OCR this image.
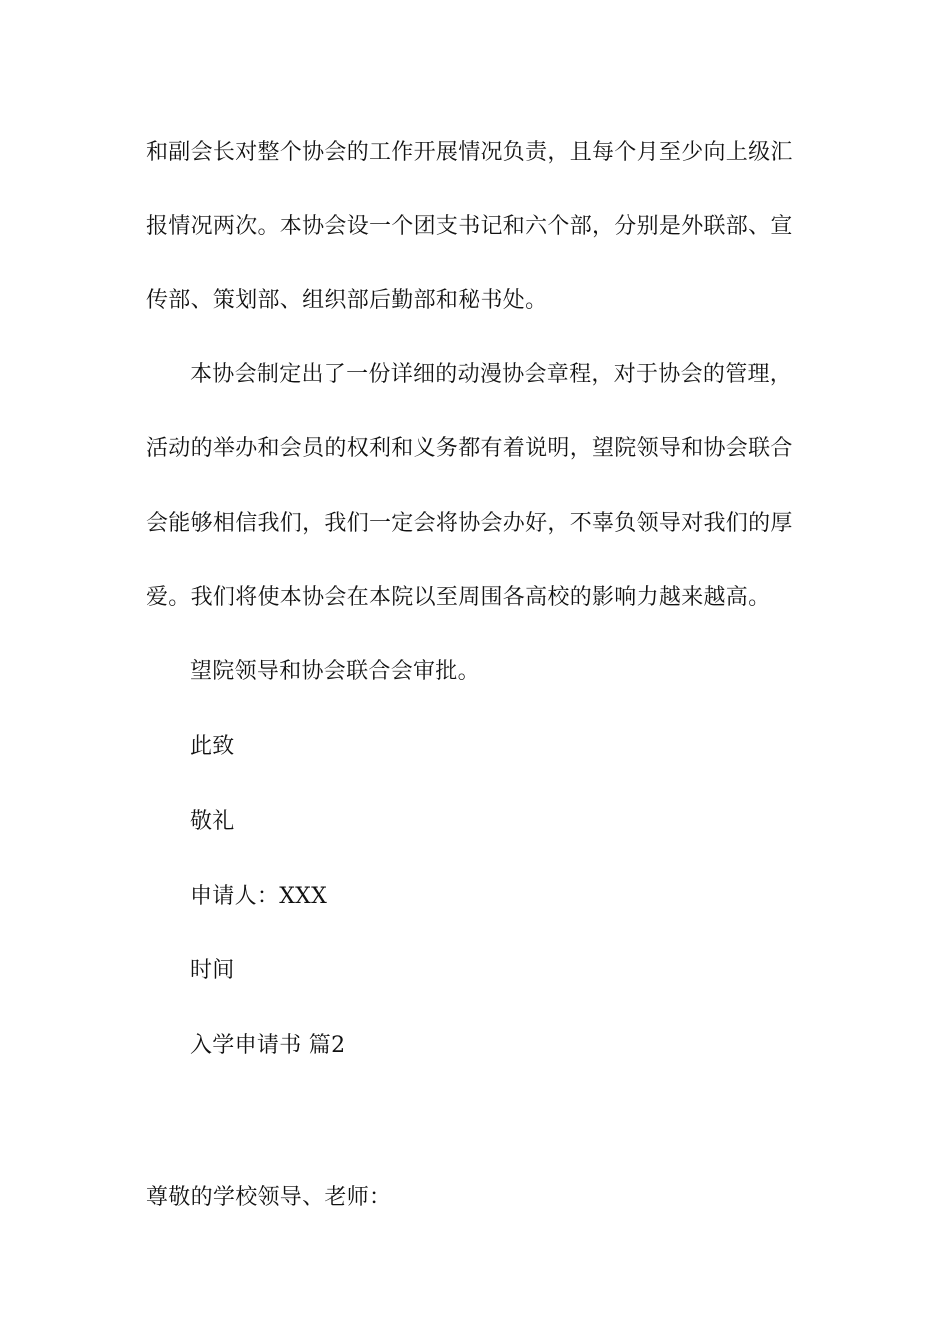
和副会长对整个协会的工作开展情况负责，且每个月至少向上级汇
报情况两次。本协会设一个团支书记和六个部，分别是外联部、宣
传部、策划部、组织部后勤部和秘书处。
本协会制定出了一份详细的动漫协会章程，对于协会的管理，
活动的举办和会员的权利和义务都有着说明，望院领导和协会联合
会能够相信我们，我们一定会将协会办好，不辜负领导对我们的厚
爱。我们将使本协会在本院以至周围各高校的影响力越来越高。
望院领导和协会联合会审批。
此致
敬礼
申请人：XXX
时间
入学申请书 篇2
尊敬的学校领导、老师：
